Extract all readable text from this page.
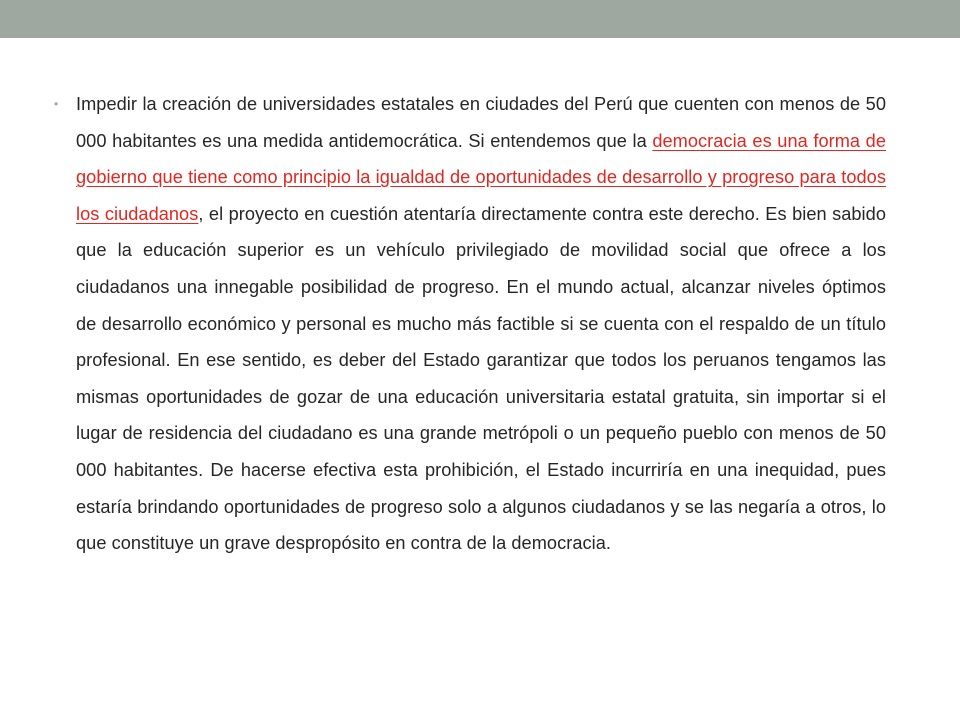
• Impedir la creación de universidades estatales en ciudades del Perú que cuenten con menos de 50 000 habitantes es una medida antidemocrática. Si entendemos que la democracia es una forma de gobierno que tiene como principio la igualdad de oportunidades de desarrollo y progreso para todos los ciudadanos, el proyecto en cuestión atentaría directamente contra este derecho. Es bien sabido que la educación superior es un vehículo privilegiado de movilidad social que ofrece a los ciudadanos una innegable posibilidad de progreso. En el mundo actual, alcanzar niveles óptimos de desarrollo económico y personal es mucho más factible si se cuenta con el respaldo de un título profesional. En ese sentido, es deber del Estado garantizar que todos los peruanos tengamos las mismas oportunidades de gozar de una educación universitaria estatal gratuita, sin importar si el lugar de residencia del ciudadano es una grande metrópoli o un pequeño pueblo con menos de 50 000 habitantes. De hacerse efectiva esta prohibición, el Estado incurriría en una inequidad, pues estaría brindando oportunidades de progreso solo a algunos ciudadanos y se las negaría a otros, lo que constituye un grave despropósito en contra de la democracia.
